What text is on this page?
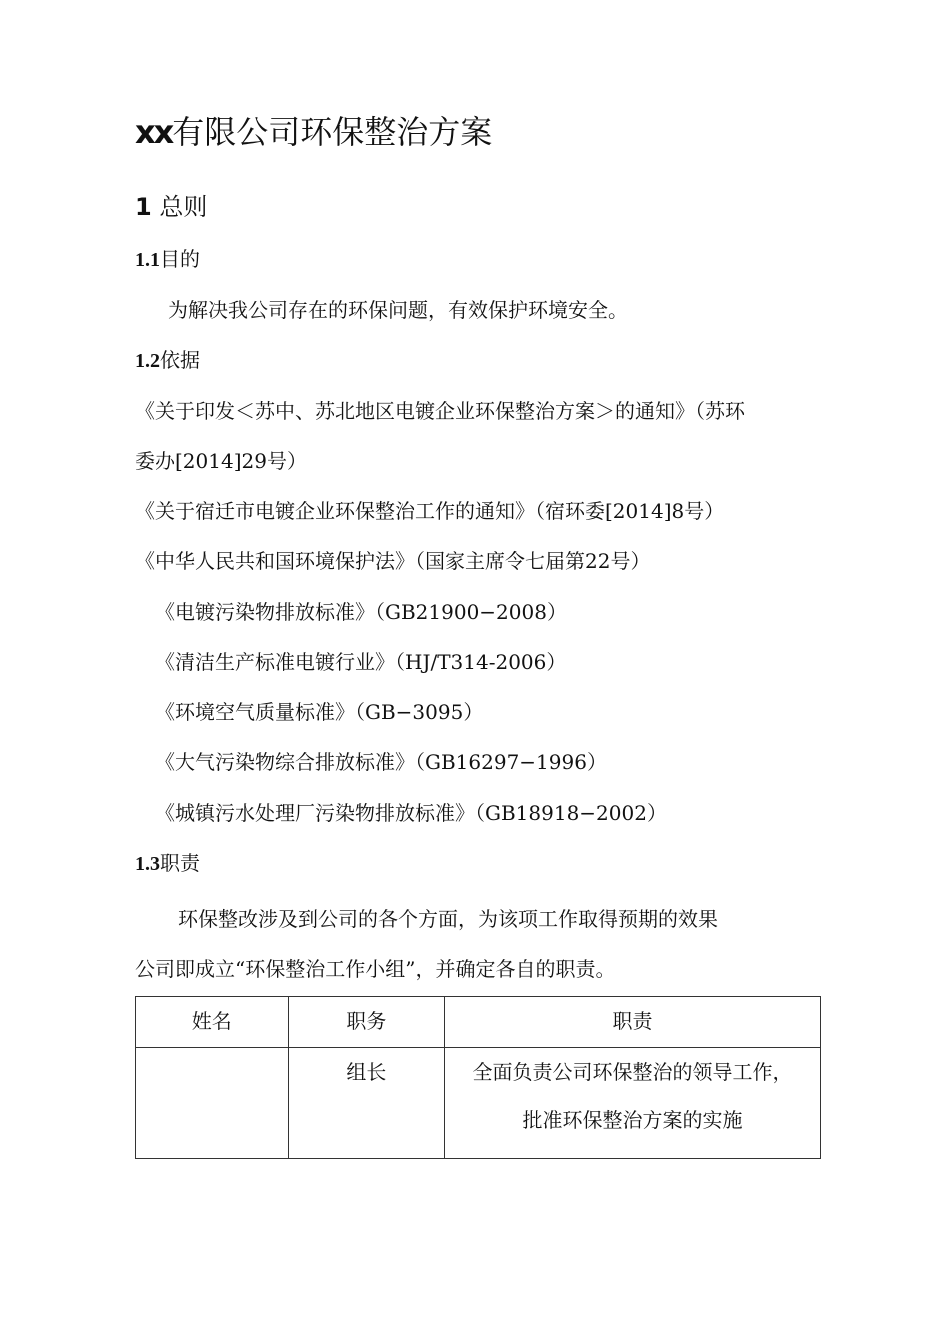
xx有限公司环保整治方案
1 总则
1.1目的
为解决我公司存在的环保问题，有效保护环境安全。
1.2依据
《关于印发＜苏中、苏北地区电镀企业环保整治方案＞的通知》（苏环
委办[2014]29号）
《关于宿迁市电镀企业环保整治工作的通知》（宿环委[2014]8号）
《中华人民共和国环境保护法》（国家主席令七届第22号）
《电镀污染物排放标准》（GB21900−2008）
《清洁生产标准电镀行业》（HJ/T314-2006）
《环境空气质量标准》（GB−3095）
《大气污染物综合排放标准》（GB16297−1996）
《城镇污水处理厂污染物排放标准》（GB18918−2002）
1.3职责
环保整改涉及到公司的各个方面，为该项工作取得预期的效果
公司即成立“环保整治工作小组”，并确定各自的职责。
姓名	职务	职责
	组长	全面负责公司环保整治的领导工作，
批准环保整治方案的实施
